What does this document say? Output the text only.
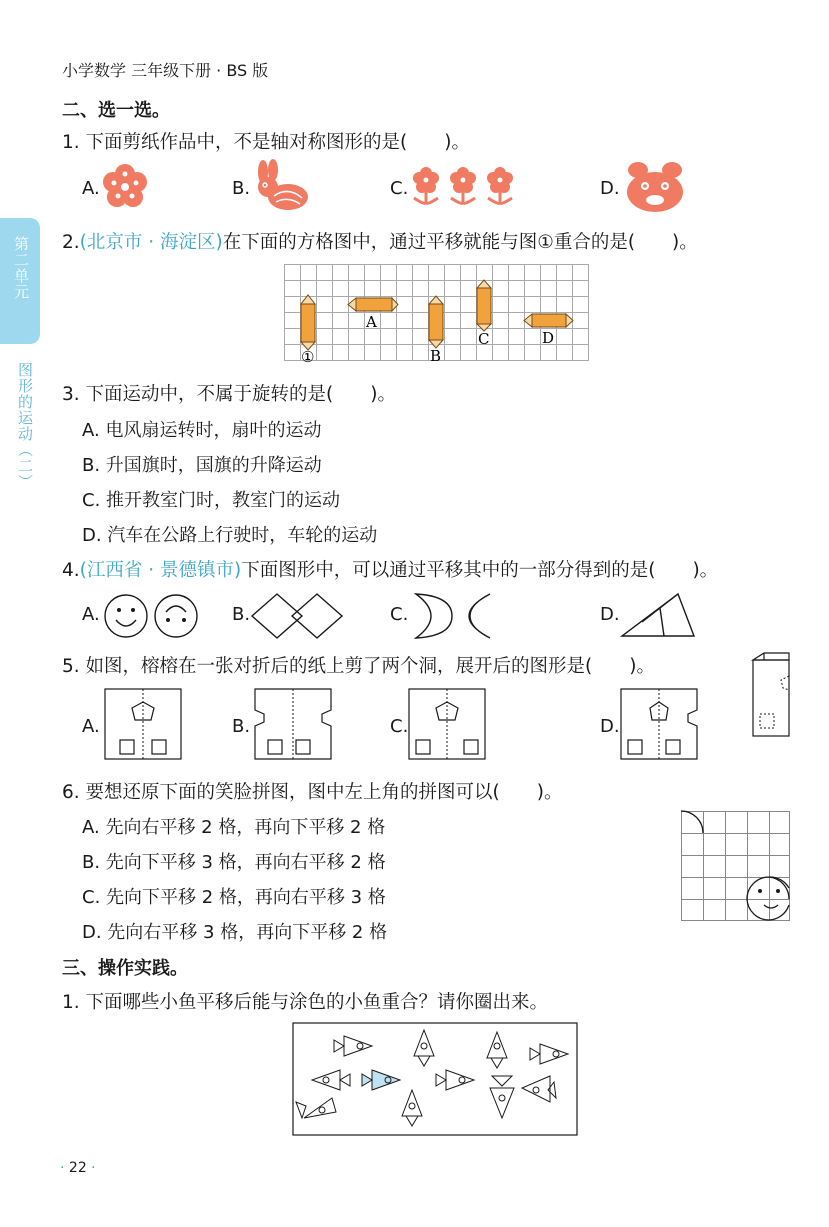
小学数学 三年级下册 · BS 版
第二单元
图形的运动（二）
二、选一选。
1. 下面剪纸作品中，不是轴对称图形的是(　　)。
A.	B.	C.	D.
2.(北京市 · 海淀区)在下面的方格图中，通过平移就能与图①重合的是(　　)。
①
A
B
C	D
3. 下面运动中，不属于旋转的是(　　)。
A. 电风扇运转时，扇叶的运动
B. 升国旗时，国旗的升降运动
C. 推开教室门时，教室门的运动
D. 汽车在公路上行驶时，车轮的运动
4.(江西省 · 景德镇市)下面图形中，可以通过平移其中的一部分得到的是(　　)。
A.	B.	C.	D.
5. 如图，榕榕在一张对折后的纸上剪了两个洞，展开后的图形是(　　)。
A.	B.	C.	D.
6. 要想还原下面的笑脸拼图，图中左上角的拼图可以(　　)。
A. 先向右平移 2 格，再向下平移 2 格
B. 先向下平移 3 格，再向右平移 2 格
C. 先向下平移 2 格，再向右平移 3 格
D. 先向右平移 3 格，再向下平移 2 格
三、操作实践。
1. 下面哪些小鱼平移后能与涂色的小鱼重合？请你圈出来。
· 22 ·
